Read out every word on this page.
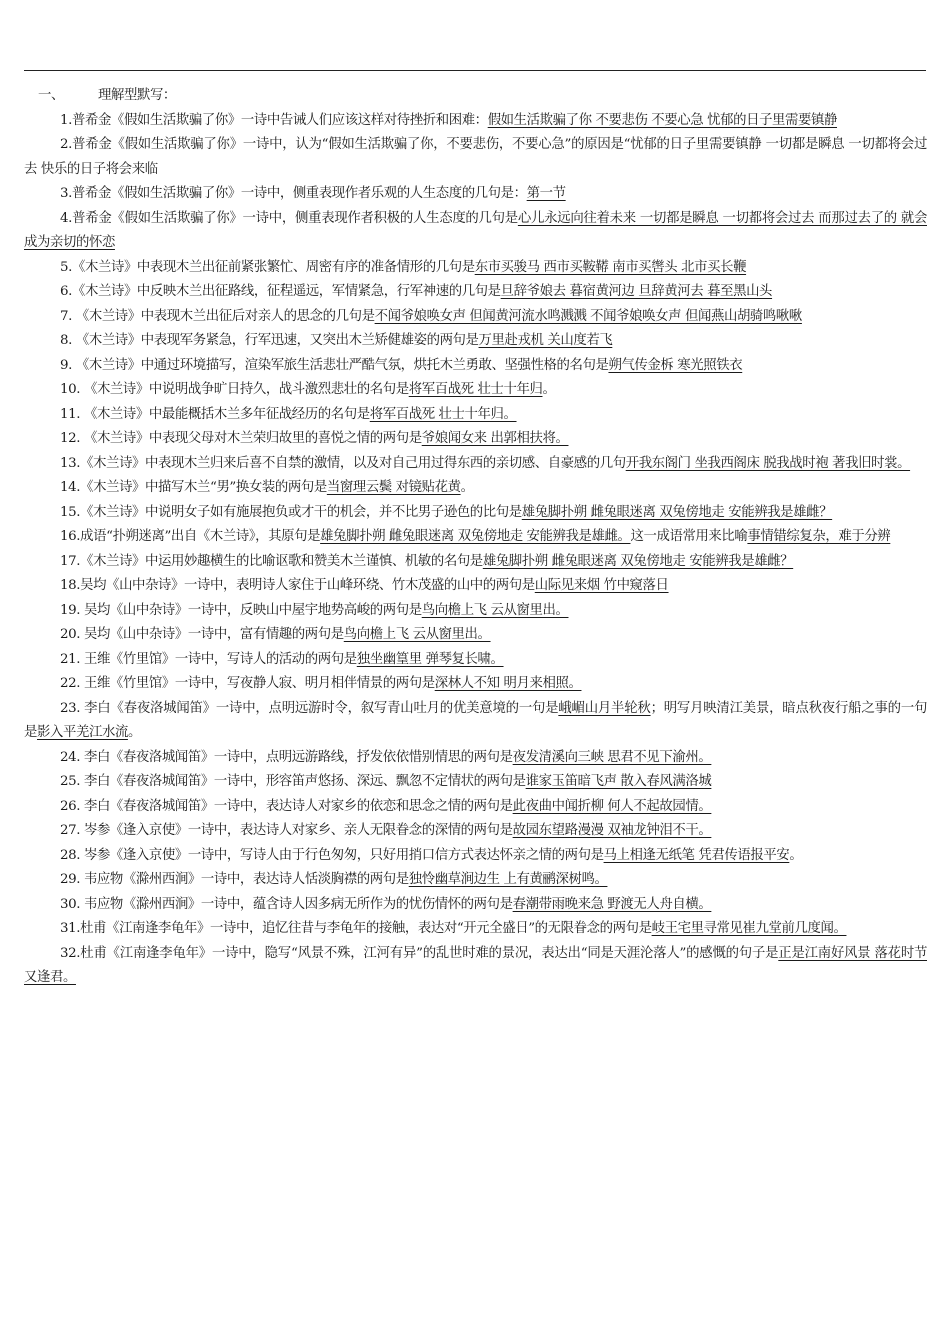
一、	理解型默写：

1.普希金《假如生活欺骗了你》一诗中告诫人们应该这样对待挫折和困难：假如生活欺骗了你 不要悲伤 不要心急 忧郁的日子里需要镇静

2.普希金《假如生活欺骗了你》一诗中，认为“假如生活欺骗了你，不要悲伤，不要心急”的原因是“忧郁的日子里需要镇静 一切都是瞬息 一切都将会过去 快乐的日子将会来临

3.普希金《假如生活欺骗了你》一诗中，侧重表现作者乐观的人生态度的几句是：第一节

4.普希金《假如生活欺骗了你》一诗中，侧重表现作者积极的人生态度的几句是心儿永远向往着未来 一切都是瞬息 一切都将会过去 而那过去了的 就会成为亲切的怀恋

5.《木兰诗》中表现木兰出征前紧张繁忙、周密有序的准备情形的几句是东市买骏马 西市买鞍鞯 南市买辔头 北市买长鞭

6.《木兰诗》中反映木兰出征路线，征程遥远，军情紧急，行军神速的几句是旦辞爷娘去 暮宿黄河边 旦辞黄河去 暮至黑山头

7. 《木兰诗》中表现木兰出征后对亲人的思念的几句是不闻爷娘唤女声 但闻黄河流水鸣溅溅 不闻爷娘唤女声 但闻燕山胡骑鸣啾啾

8. 《木兰诗》中表现军务紧急，行军迅速，又突出木兰矫健雄姿的两句是万里赴戎机 关山度若飞

9. 《木兰诗》中通过环境描写，渲染军旅生活悲壮严酷气氛，烘托木兰勇敢、坚强性格的名句是朔气传金柝 寒光照铁衣

10. 《木兰诗》中说明战争旷日持久，战斗激烈悲壮的名句是将军百战死 壮士十年归。

11. 《木兰诗》中最能概括木兰多年征战经历的名句是将军百战死 壮士十年归。

12. 《木兰诗》中表现父母对木兰荣归故里的喜悦之情的两句是爷娘闻女来 出郭相扶将。

13.《木兰诗》中表现木兰归来后喜不自禁的激情，以及对自己用过得东西的亲切感、自豪感的几句开我东阁门 坐我西阁床 脱我战时袍 著我旧时裳。

14.《木兰诗》中描写木兰“男”换女装的两句是当窗理云鬓 对镜贴花黄。

15.《木兰诗》中说明女子如有施展抱负或才干的机会，并不比男子逊色的比句是雄兔脚扑朔 雌兔眼迷离 双兔傍地走 安能辨我是雄雌？

16.成语“扑朔迷离”出自《木兰诗》，其原句是雄兔脚扑朔 雌兔眼迷离 双兔傍地走 安能辨我是雄雌。这一成语常用来比喻事情错综复杂，难于分辨

17.《木兰诗》中运用妙趣横生的比喻讴歌和赞美木兰谨慎、机敏的名句是雄兔脚扑朔 雌兔眼迷离 双兔傍地走 安能辨我是雄雌？

18.吴均《山中杂诗》一诗中，表明诗人家住于山峰环绕、竹木茂盛的山中的两句是山际见来烟 竹中窥落日

19. 吴均《山中杂诗》一诗中，反映山中屋宇地势高峻的两句是鸟向檐上飞 云从窗里出。

20. 吴均《山中杂诗》一诗中，富有情趣的两句是鸟向檐上飞 云从窗里出。

21. 王维《竹里馆》一诗中，写诗人的活动的两句是独坐幽篁里 弹琴复长啸。

22. 王维《竹里馆》一诗中，写夜静人寂、明月相伴情景的两句是深林人不知 明月来相照。

23. 李白《春夜洛城闻笛》一诗中，点明远游时令，叙写青山吐月的优美意境的一句是峨嵋山月半轮秋；明写月映清江美景，暗点秋夜行船之事的一句是影入平羌江水流。

24. 李白《春夜洛城闻笛》一诗中，点明远游路线，抒发依依惜别情思的两句是夜发清溪向三峡 思君不见下渝州。

25. 李白《春夜洛城闻笛》一诗中，形容笛声悠扬、深远、飘忽不定情状的两句是谁家玉笛暗飞声 散入春风满洛城

26. 李白《春夜洛城闻笛》一诗中，表达诗人对家乡的依恋和思念之情的两句是此夜曲中闻折柳 何人不起故园情。

27. 岑参《逢入京使》一诗中，表达诗人对家乡、亲人无限眷念的深情的两句是故园东望路漫漫 双袖龙钟泪不干。

28. 岑参《逢入京使》一诗中，写诗人由于行色匆匆，只好用捎口信方式表达怀亲之情的两句是马上相逢无纸笔 凭君传语报平安。

29. 韦应物《滁州西涧》一诗中，表达诗人恬淡胸襟的两句是独怜幽草涧边生 上有黄鹂深树鸣。

30. 韦应物《滁州西涧》一诗中，蕴含诗人因多病无所作为的忧伤情怀的两句是春潮带雨晚来急 野渡无人舟自横。

31.杜甫《江南逢李龟年》一诗中，追忆往昔与李龟年的接触，表达对“开元全盛日”的无限眷念的两句是岐王宅里寻常见崔九堂前几度闻。

32.杜甫《江南逢李龟年》一诗中，隐写“风景不殊，江河有异”的乱世时难的景况，表达出“同是天涯沦落人”的感慨的句子是正是江南好风景 落花时节又逢君。
